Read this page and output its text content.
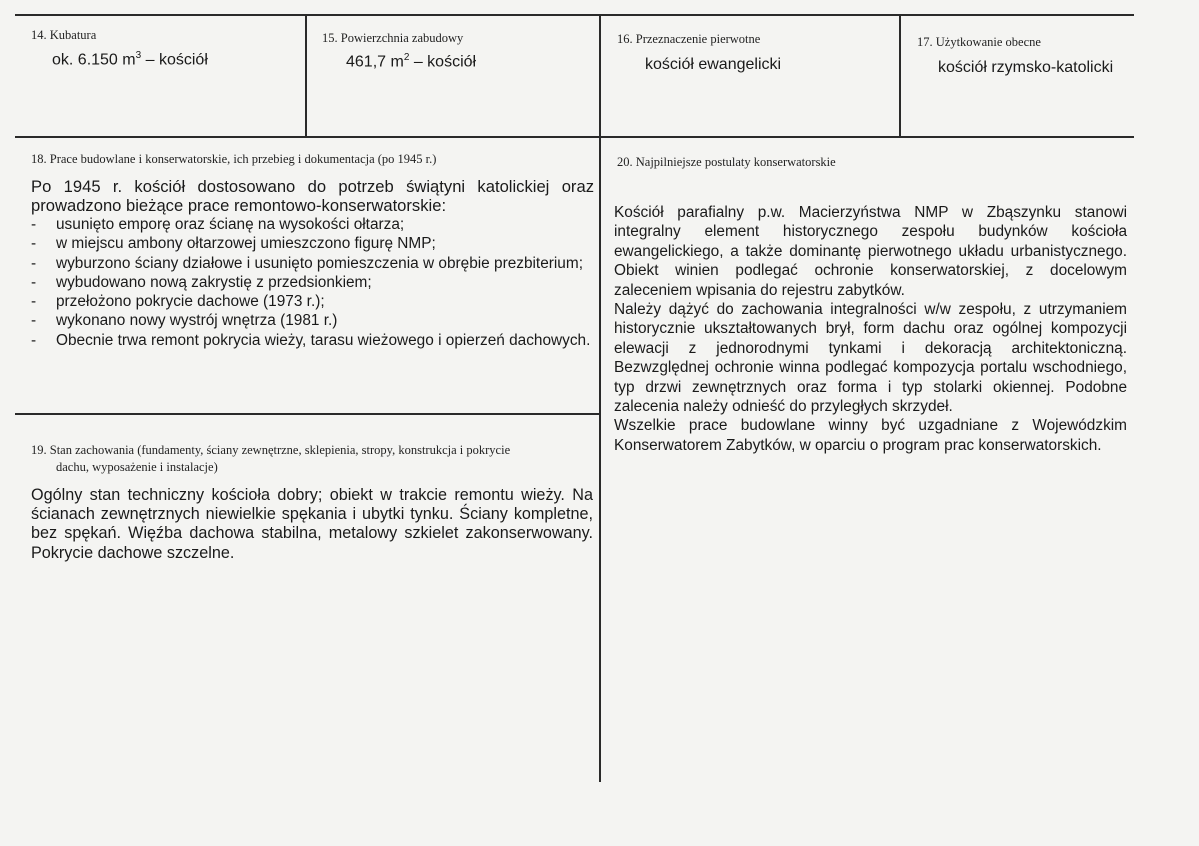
14. Kubatura
ok. 6.150 $m^3$ – kościół
15. Powierzchnia zabudowy
461,7 $m^2$ – kościół
16. Przeznaczenie pierwotne
kościół ewangelicki
17. Użytkowanie obecne
kościół rzymsko-katolicki
18. Prace budowlane i konserwatorskie, ich przebieg i dokumentacja (po 1945 r.)

Po 1945 r. kościół dostosowano do potrzeb świątyni katolickiej oraz prowadzono bieżące prace remontowo-konserwatorskie:

- usunięto emporę oraz ścianę na wysokości ołtarza;
- w miejscu ambony ołtarzowej umieszczono figurę NMP;
- wyburzono ściany działowe i usunięto pomieszczenia w obrębie prezbiterium;
- wybudowano nową zakrystię z przedsionkiem;
- przełożono pokrycie dachowe (1973 r.);
- wykonano nowy wystrój wnętrza (1981 r.)
- Obecnie trwa remont pokrycia wieży, tarasu wieżowego i opierzeń dachowych.
19. Stan zachowania (fundamenty, ściany zewnętrzne, sklepienia, stropy, konstrukcja i pokrycie
dachu, wyposażenie i instalacje)
Ogólny stan techniczny kościoła dobry; obiekt w trakcie remontu wieży. Na ścianach zewnętrznych niewielkie spękania i ubytki tynku. Ściany kompletne, bez spękań. Więźba dachowa stabilna, metalowy szkielet zakonserwowany. Pokrycie dachowe szczelne.
20. Najpilniejsze postulaty konserwatorskie

Kościół parafialny p.w. Macierzyństwa NMP w Zbąszynku stanowi integralny element historycznego zespołu budynków kościoła ewangelickiego, a także dominantę pierwotnego układu urbanistycznego. Obiekt winien podlegać ochronie konserwatorskiej, z docelowym zaleceniem wpisania do rejestru zabytków.

Należy dążyć do zachowania integralności w/w zespołu, z utrzymaniem historycznie ukształtowanych brył, form dachu oraz ogólnej kompozycji elewacji z jednorodnymi tynkami i dekoracją architektoniczną. Bezwzględnej ochronie winna podlegać kompozycja portalu wschodniego, typ drzwi zewnętrznych oraz forma i typ stolarki okiennej. Podobne zalecenia należy odnieść do przyległych skrzydeł.

Wszelkie prace budowlane winny być uzgadniane z Wojewódzkim Konserwatorem Zabytków, w oparciu o program prac konserwatorskich.
